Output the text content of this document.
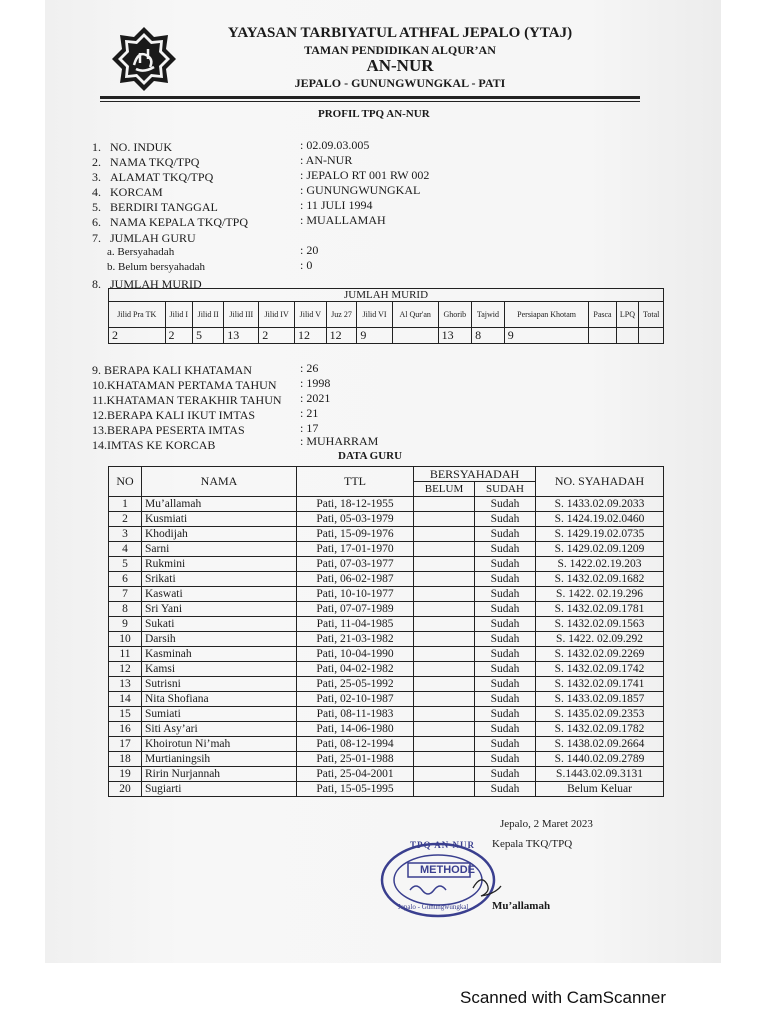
YAYASAN TARBIYATUL ATHFAL JEPALO (YTAJ)
TAMAN PENDIDIKAN ALQUR’AN
AN-NUR
JEPALO - GUNUNGWUNGKAL - PATI
PROFIL TPQ AN-NUR
1. NO. INDUK	: 02.09.03.005
2. NAMA TKQ/TPQ	: AN-NUR
3. ALAMAT TKQ/TPQ	: JEPALO RT 001 RW 002
4. KORCAM	: GUNUNGWUNGKAL
5. BERDIRI TANGGAL	: 11 JULI 1994
6. NAMA KEPALA TKQ/TPQ	: MUALLAMAH
7. JUMLAH GURU
a. Bersyahadah	: 20
b. Belum bersyahadah	: 0
8. JUMLAH MURID
JUMLAH MURID														
Jilid Pra TK	Jilid I	Jilid II	Jilid III	Jilid IV	Jilid V	Juz 27	Jilid VI	Al Qur'an	Ghorib	Tajwid	Persiapan Khotam	Pasca	LPQ	Total
2	2	5	13	2	12	12	9		13	8	9			
9. BERAPA KALI KHATAMAN	: 26
10.KHATAMAN PERTAMA TAHUN : 1998
11.KHATAMAN TERAKHIR TAHUN : 2021
12.BERAPA KALI IKUT IMTAS	: 21
13.BERAPA PESERTA IMTAS	: 17
14.IMTAS KE KORCAB	: MUHARRAM
DATA GURU
NO	NAMA	TTL	BERSYAHADAH		NO. SYAHADAH
			BELUM	SUDAH	
1	Mu’allamah	Pati, 18-12-1955		Sudah	S. 1433.02.09.2033
2	Kusmiati	Pati, 05-03-1979		Sudah	S. 1424.19.02.0460
3	Khodijah	Pati, 15-09-1976		Sudah	S. 1429.19.02.0735
4	Sarni	Pati, 17-01-1970		Sudah	S. 1429.02.09.1209
5	Rukmini	Pati, 07-03-1977		Sudah	S. 1422.02.19.203
6	Srikati	Pati, 06-02-1987		Sudah	S. 1432.02.09.1682
7	Kaswati	Pati, 10-10-1977		Sudah	S. 1422. 02.19.296
8	Sri Yani	Pati, 07-07-1989		Sudah	S. 1432.02.09.1781
9	Sukati	Pati, 11-04-1985		Sudah	S. 1432.02.09.1563
10	Darsih	Pati, 21-03-1982		Sudah	S. 1422. 02.09.292
11	Kasminah	Pati, 10-04-1990		Sudah	S. 1432.02.09.2269
12	Kamsi	Pati, 04-02-1982		Sudah	S. 1432.02.09.1742
13	Sutrisni	Pati, 25-05-1992		Sudah	S. 1432.02.09.1741
14	Nita Shofiana	Pati, 02-10-1987		Sudah	S. 1433.02.09.1857
15	Sumiati	Pati, 08-11-1983		Sudah	S. 1435.02.09.2353
16	Siti Asy’ari	Pati, 14-06-1980		Sudah	S. 1432.02.09.1782
17	Khoirotun Ni’mah	Pati, 08-12-1994		Sudah	S. 1438.02.09.2664
18	Murtianingsih	Pati, 25-01-1988		Sudah	S. 1440.02.09.2789
19	Ririn Nurjannah	Pati, 25-04-2001		Sudah	S.1443.02.09.3131
20	Sugiarti	Pati, 15-05-1995		Sudah	Belum Keluar
Jepalo, 2 Maret 2023
Kepala TKQ/TPQ
TPQ AN NUR
METHODE
Jepalo - Gunungwungkal Mu’allamah
Scanned with CamScanner
